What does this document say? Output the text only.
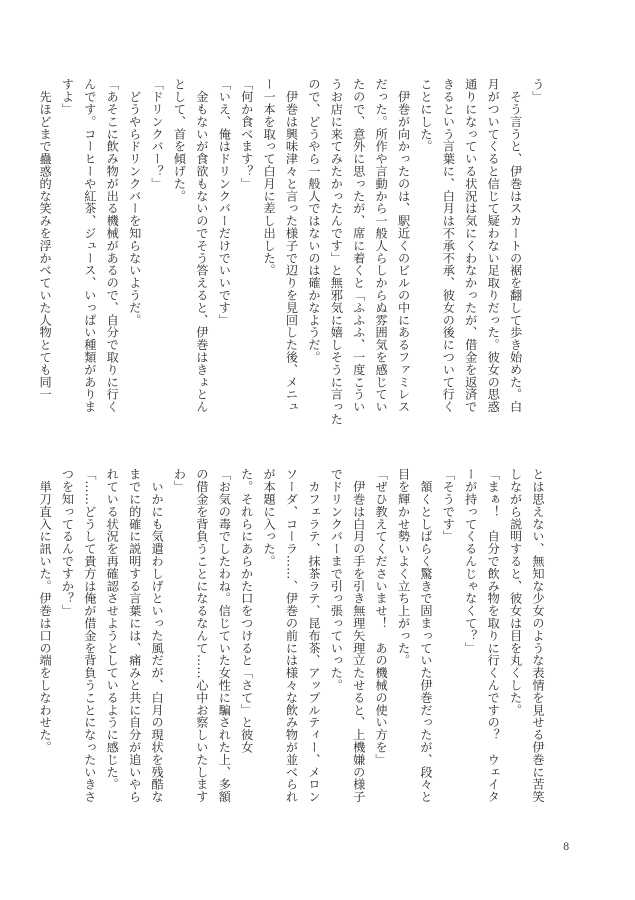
う」
　そう言うと、伊巻はスカートの裾を翻して歩き始めた。白
月がついてくると信じて疑わない足取りだった。彼女の思惑
通りになっている状況は気にくわなかったが、借金を返済で
きるという言葉に、白月は不承不承、彼女の後について行く
ことにした。
　伊巻が向かったのは、駅近くのビルの中にあるファミレス
だった。所作や言動から一般人らしからぬ雰囲気を感じてい
たので、意外に思ったが、席に着くと「ふふふ、一度こうい
うお店に来てみたかったんです」と無邪気に嬉しそうに言った
ので、どうやら一般人ではないのは確かなようだ。
　伊巻は興味津々と言った様子で辺りを見回した後、メニュ
ー一本を取って白月に差し出した。
「何か食べます？」
「いえ、俺はドリンクバーだけでいいです」
　金もないが食欲もないのでそう答えると、伊巻はきょとん
として、首を傾げた。
「ドリンクバー？」
　どうやらドリンクバーを知らないようだ。
「あそこに飲み物が出る機械があるので、自分で取りに行く
んです。コーヒーや紅茶、ジュース、いっぱい種類がありま
すよ」
　先ほどまで蠱惑的な笑みを浮かべていた人物とても同一
とは思えない、無知な少女のような表情を見せる伊巻に苦笑
しながら説明すると、彼女は目を丸くした。
「まぁ！　自分で飲み物を取りに行くんですの？　ウェイタ
ーが持ってくるんじゃなくて？」
「そうです」
　頷くとしばらく驚きで固まっていた伊巻だったが、段々と
目を輝かせ勢いよく立ち上がった。
「ぜひ教えてくださいませ！　あの機械の使い方を」
　伊巻は白月の手を引き無理矢理立たせると、上機嫌の様子
でドリンクバーまで引っ張っていった。
　カフェラテ、抹茶ラテ、昆布茶、アップルティー、メロン
ソーダ、コーラ……、伊巻の前には様々な飲み物が並べられ
が本題に入った。
た。それらにあらかた口をつけると「さて」と彼女
「お気の毒でしたわね。信じていた女性に騙された上、多額
の借金を背負うことになるなんて……心中お察しいたします
わ」
　いかにも気遣わしげといった風だが、白月の現状を残酷な
までに的確に説明する言葉には、痛みと共に自分が追いやら
れている状況を再確認させようとしているように感じた。
「……どうして貴方は俺が借金を背負うことになったいきさ
つを知ってるんですか？」
　単刀直入に訊いた。伊巻は口の端をしなわせた。
8
